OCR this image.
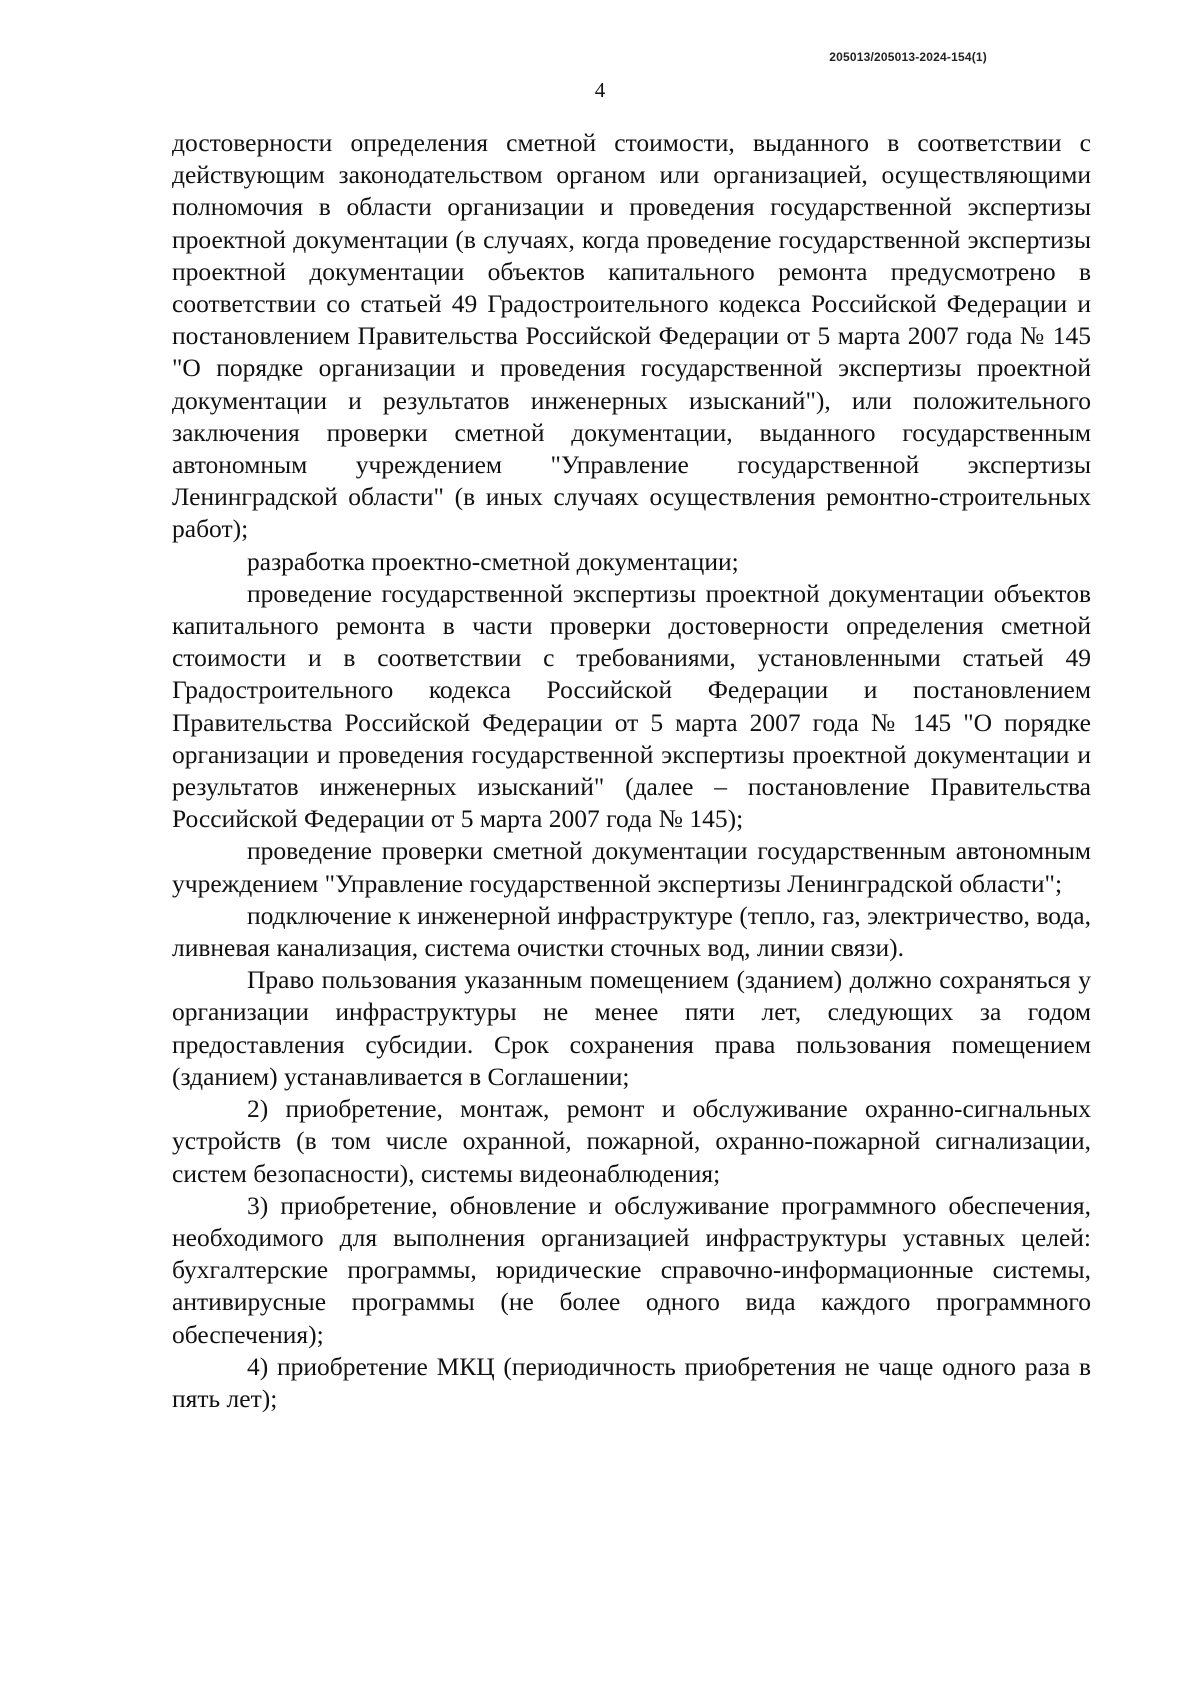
205013/205013-2024-154(1)
4

достоверности определения сметной стоимости, выданного в соответствии с действующим законодательством органом или организацией, осуществляющими полномочия в области организации и проведения государственной экспертизы проектной документации (в случаях, когда проведение государственной экспертизы проектной документации объектов капитального ремонта предусмотрено в соответствии со статьей 49 Градостроительного кодекса Российской Федерации и постановлением Правительства Российской Федерации от 5 марта 2007 года № 145 "О порядке организации и проведения государственной экспертизы проектной документации и результатов инженерных изысканий"), или положительного заключения проверки сметной документации, выданного государственным автономным учреждением "Управление государственной экспертизы Ленинградской области" (в иных случаях осуществления ремонтно-строительных работ);

разработка проектно-сметной документации;

проведение государственной экспертизы проектной документации объектов капитального ремонта в части проверки достоверности определения сметной стоимости и в соответствии с требованиями, установленными статьей 49 Градостроительного кодекса Российской Федерации и постановлением Правительства Российской Федерации от 5 марта 2007 года № 145 "О порядке организации и проведения государственной экспертизы проектной документации и результатов инженерных изысканий" (далее – постановление Правительства Российской Федерации от 5 марта 2007 года № 145);

проведение проверки сметной документации государственным автономным учреждением "Управление государственной экспертизы Ленинградской области";

подключение к инженерной инфраструктуре (тепло, газ, электричество, вода, ливневая канализация, система очистки сточных вод, линии связи).

Право пользования указанным помещением (зданием) должно сохраняться у организации инфраструктуры не менее пяти лет, следующих за годом предоставления субсидии. Срок сохранения права пользования помещением (зданием) устанавливается в Соглашении;

2) приобретение, монтаж, ремонт и обслуживание охранно-сигнальных устройств (в том числе охранной, пожарной, охранно-пожарной сигнализации, систем безопасности), системы видеонаблюдения;

3) приобретение, обновление и обслуживание программного обеспечения, необходимого для выполнения организацией инфраструктуры уставных целей: бухгалтерские программы, юридические справочно-информационные системы, антивирусные программы (не более одного вида каждого программного обеспечения);

4) приобретение МКЦ (периодичность приобретения не чаще одного раза в пять лет);
